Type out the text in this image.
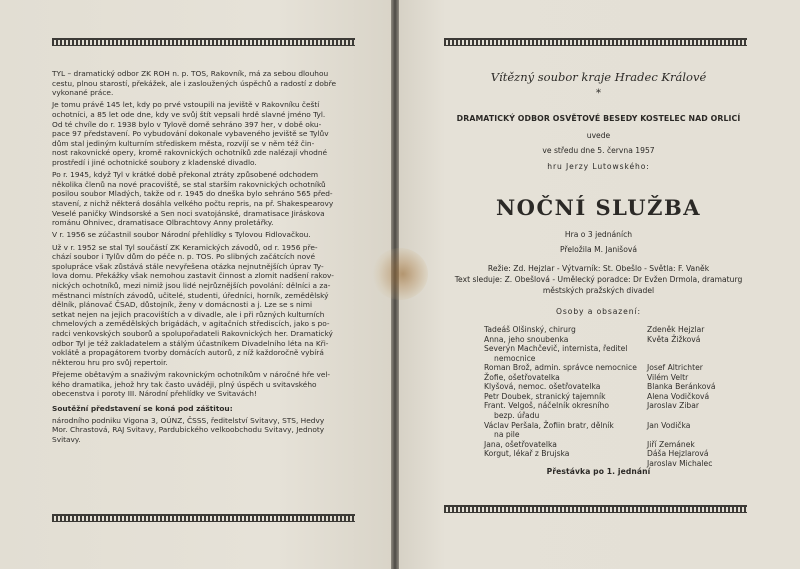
TYL – dramatický odbor ZK ROH n. p. TOS, Rakovník, má za sebou dlouhou
cestu, plnou starostí, překážek, ale i zasloužených úspěchů a radostí z dobře
vykonané práce.
Je tomu právě 145 let, kdy po prvé vstoupili na jeviště v Rakovníku čeští
ochotníci, a 85 let ode dne, kdy ve svůj štít vepsali hrdě slavné jméno Tyl.
Od té chvíle do r. 1938 bylo v Tylově domě sehráno 397 her, v době oku-
pace 97 představení. Po vybudování dokonale vybaveného jeviště se Tylův
dům stal jediným kulturním střediskem města, rozvíjí se v něm též čin-
nost rakovnické opery, kromě rakovnických ochotníků zde nalézají vhodné
prostředí i jiné ochotnické soubory z kladenské divadlo.
Po r. 1945, když Tyl v krátké době překonal ztráty způsobené odchodem
několika členů na nové pracoviště, se stal starším rakovnických ochotníků
posilou soubor Mladých, takže od r. 1945 do dneška bylo sehráno 565 před-
stavení, z nichž některá dosáhla velkého počtu repris, na př. Shakespearovy
Veselé paničky Windsorské a Sen noci svatojánské, dramatisace Jiráskova
románu Ohnivec, dramatisace Olbrachtovy Anny proletářky.
V r. 1956 se zúčastnil soubor Národní přehlídky s Tylovou Fidlovačkou.
Už v r. 1952 se stal Tyl součástí ZK Keramických závodů, od r. 1956 pře-
chází soubor i Tylův dům do péče n. p. TOS. Po slibných začátcích nové
spolupráce však zůstává stále nevyřešena otázka nejnutnějších úprav Ty-
lova domu. Překážky však nemohou zastavit činnost a zlomit nadšení rakov-
nických ochotníků, mezi nimiž jsou lidé nejrůznějších povolání: dělníci a za-
městnanci místních závodů, učitelé, studenti, úředníci, horník, zemědělský
dělník, plánovač ČSAD, důstojník, ženy v domácnosti a j. Lze se s nimi
setkat nejen na jejich pracovištích a v divadle, ale i při různých kulturních
chmelových a zemědělských brigádách, v agitačních střediscích, jako s po-
radci venkovských souborů a spolupořadateli Rakovnických her. Dramatický
odbor Tyl je též zakladatelem a stálým účastníkem Divadelního léta na Kři-
voklátě a propagátorem tvorby domácích autorů, z níž každoročně vybírá
některou hru pro svůj repertoir.
Přejeme obětavým a snaživým rakovnickým ochotníkům v náročné hře vel-
kého dramatika, jehož hry tak často uváději, plný úspěch u svitavského
obecenstva i poroty III. Národní přehlídky ve Svitavách!
Soutěžní představení se koná pod záštitou:
národního podniku Vigona 3, OÚNZ, ČSSS, ředitelství Svitavy, STS, Hedvy
Mor. Chrastová, RAJ Svitavy, Pardubického velkoobchodu Svitavy, Jednoty
Svitavy.
Vítězný soubor kraje Hradec Králové
*
DRAMATICKÝ ODBOR OSVĚTOVÉ BESEDY KOSTELEC NAD ORLICÍ
uvede
ve středu dne 5. června 1957
hru Jerzy Lutowského:
NOČNÍ SLUŽBA
Hra o 3 jednáních
Přeložila M. Janišová
Režie: Zd. Hejzlar - Výtvarník: St. Obešlo - Světla: F. Vaněk
Text sleduje: Z. Obešlová - Umělecký poradce: Dr Evžen Drmola, dramaturg
městských pražských divadel
Osoby a obsazení:
Tadeáš Olšinský, chirurg
Anna, jeho snoubenka
Severýn Machčevič, internista, ředitel
nemocnice
Roman Brož, admin. správce nemocnice
Žofie, ošetřovatelka
Klyšová, nemoc. ošetřovatelka
Petr Doubek, stranický tajemník
Frant. Velgoš, náčelník okresního
bezp. úřadu
Václav Peršala, Žofiin bratr, dělník
na pile
Jana, ošetřovatelka
Korgut, lékař z Brujska
Zdeněk Hejzlar
Květa Žižková
Josef Altrichter
Vilém Veltr
Blanka Beránková
Alena Vodičková
Jaroslav Zibar
Jan Vodička
Jiří Zemánek
Dáša Hejzlarová
Jaroslav Michalec
Přestávka po 1. jednání
